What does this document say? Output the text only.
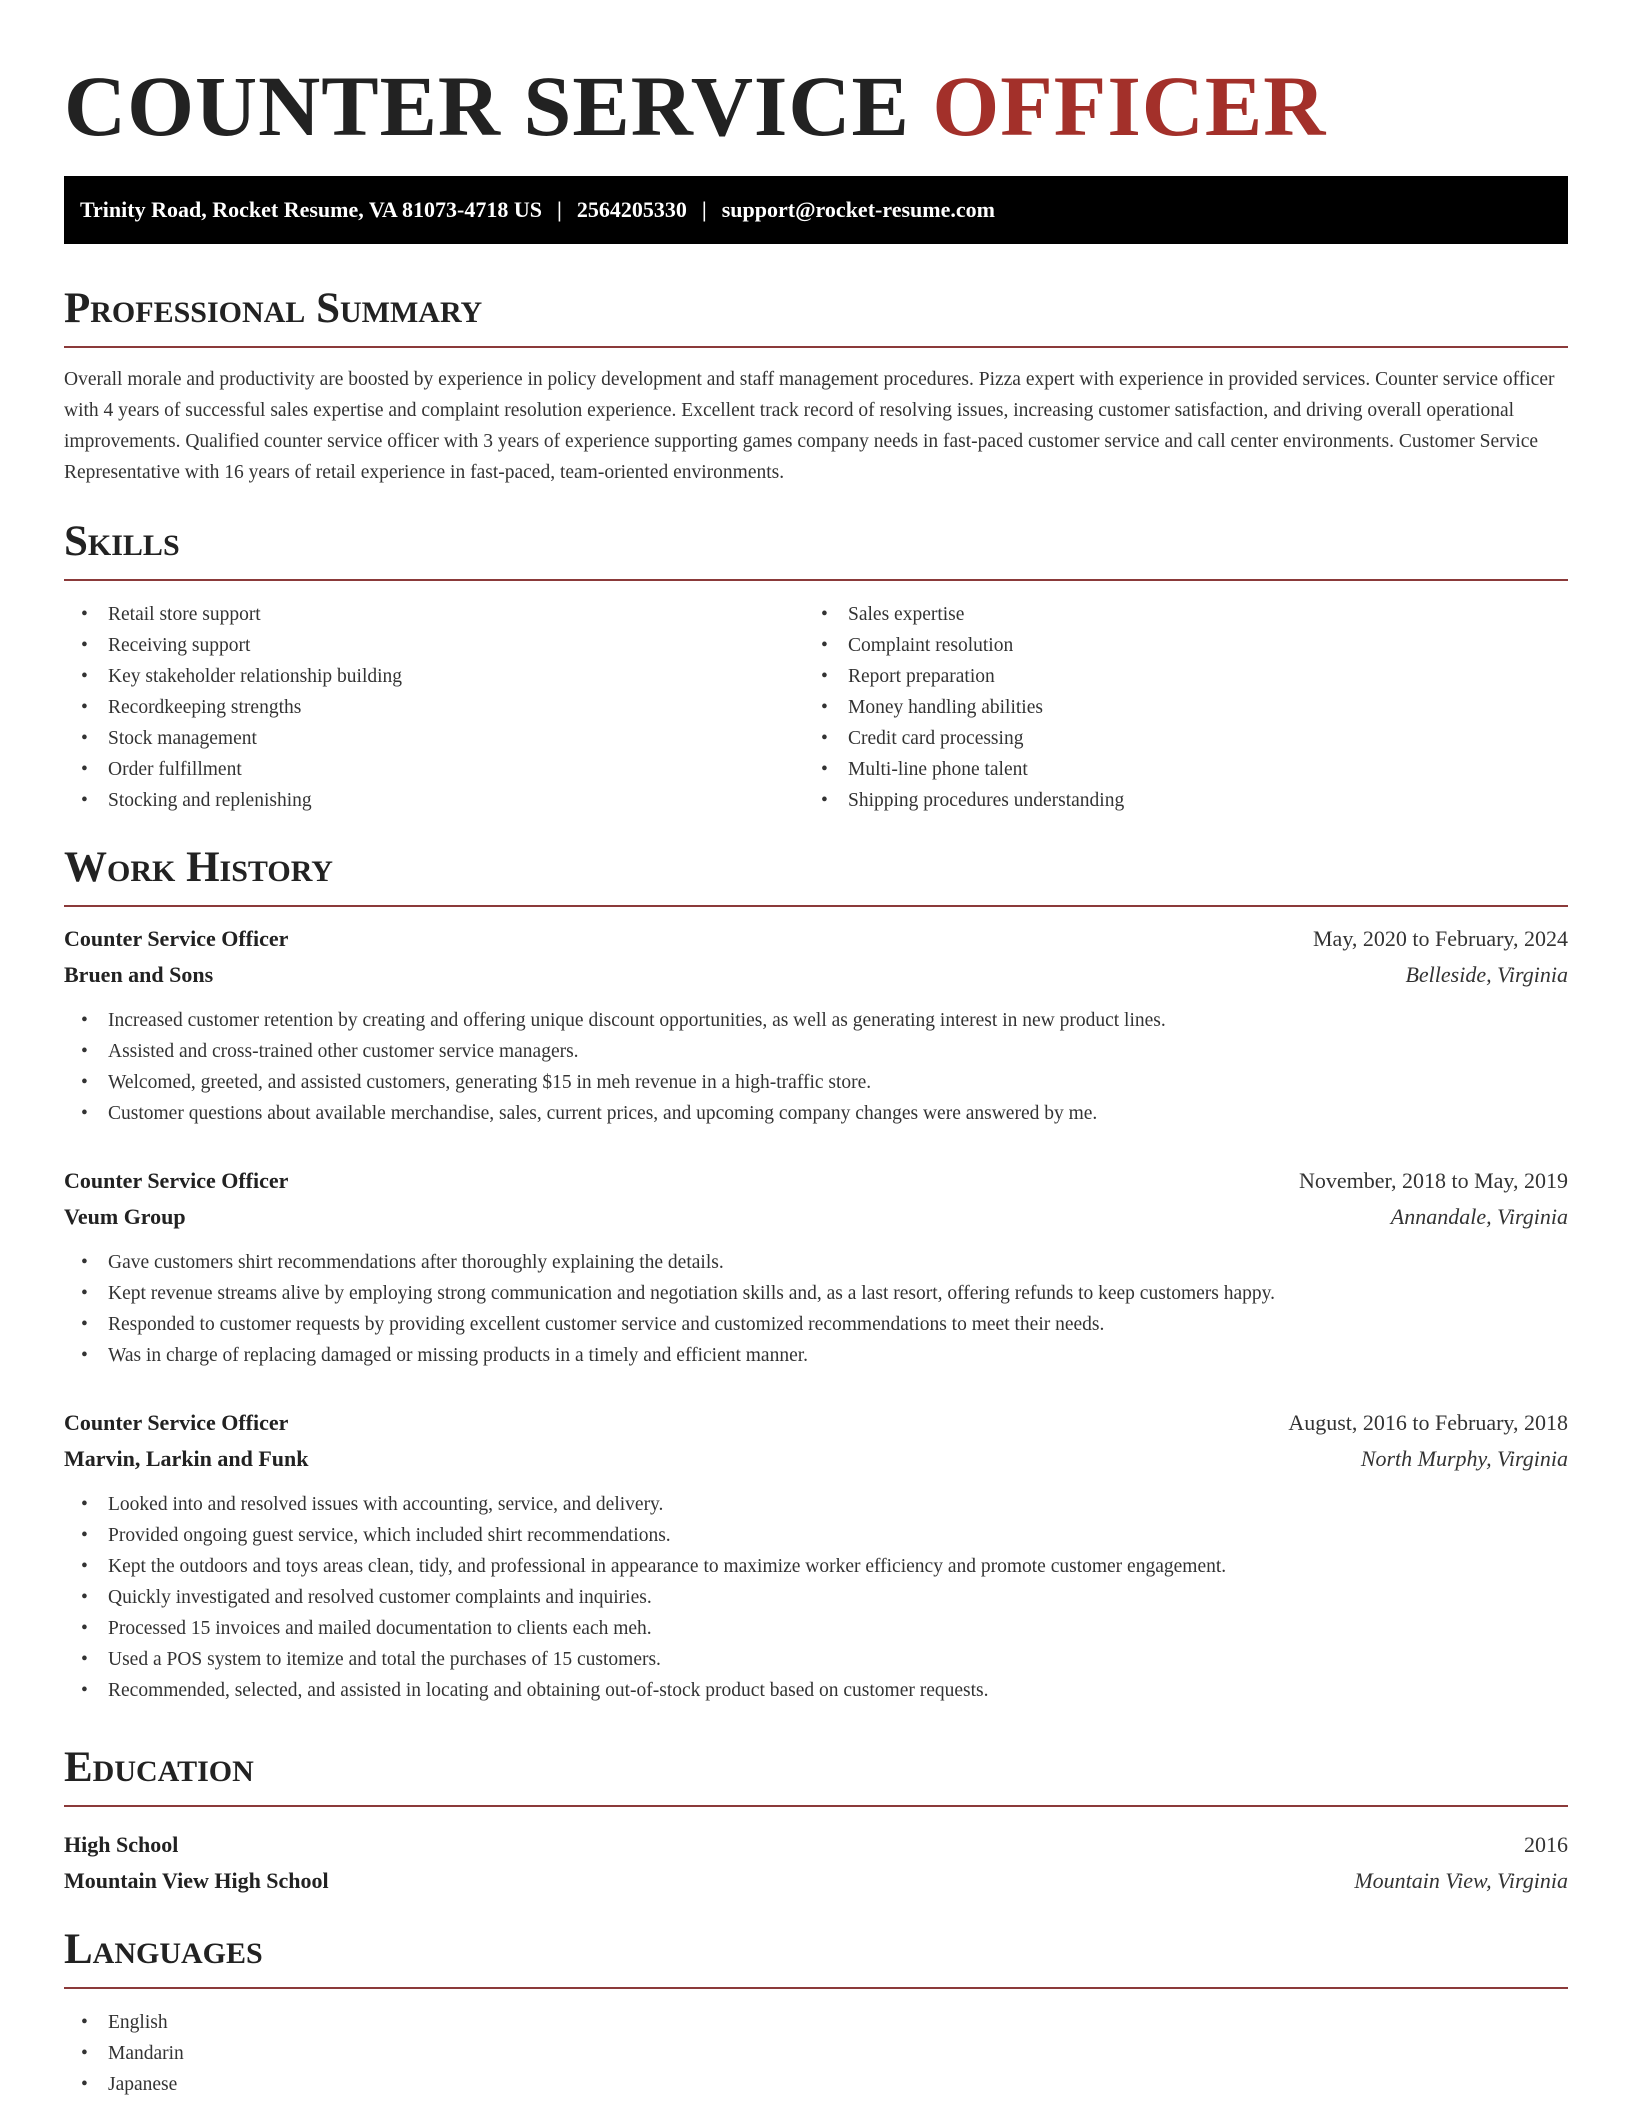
COUNTER SERVICE OFFICER
Trinity Road, Rocket Resume, VA 81073-4718 US | 2564205330 | support@rocket-resume.com
Professional Summary

Overall morale and productivity are boosted by experience in policy development and staff management procedures. Pizza expert with experience in provided services. Counter service officer with 4 years of successful sales expertise and complaint resolution experience. Excellent track record of resolving issues, increasing customer satisfaction, and driving overall operational improvements. Qualified counter service officer with 3 years of experience supporting games company needs in fast-paced customer service and call center environments. Customer Service Representative with 16 years of retail experience in fast-paced, team-oriented environments.

Skills
• Retail store support
• Receiving support
• Key stakeholder relationship building
• Recordkeeping strengths
• Stock management
• Order fulfillment
• Stocking and replenishing
• Sales expertise
• Complaint resolution
• Report preparation
• Money handling abilities
• Credit card processing
• Multi-line phone talent
• Shipping procedures understanding
Work History
Counter Service Officer	May, 2020 to February, 2024
Bruen and Sons	Belleside, Virginia
• Increased customer retention by creating and offering unique discount opportunities, as well as generating interest in new product lines.
• Assisted and cross-trained other customer service managers.
• Welcomed, greeted, and assisted customers, generating $15 in meh revenue in a high-traffic store.
• Customer questions about available merchandise, sales, current prices, and upcoming company changes were answered by me.
Counter Service Officer	November, 2018 to May, 2019
Veum Group	Annandale, Virginia
• Gave customers shirt recommendations after thoroughly explaining the details.
• Kept revenue streams alive by employing strong communication and negotiation skills and, as a last resort, offering refunds to keep customers happy.
• Responded to customer requests by providing excellent customer service and customized recommendations to meet their needs.
• Was in charge of replacing damaged or missing products in a timely and efficient manner.
Counter Service Officer	August, 2016 to February, 2018
Marvin, Larkin and Funk	North Murphy, Virginia
• Looked into and resolved issues with accounting, service, and delivery.
• Provided ongoing guest service, which included shirt recommendations.
• Kept the outdoors and toys areas clean, tidy, and professional in appearance to maximize worker efficiency and promote customer engagement.
• Quickly investigated and resolved customer complaints and inquiries.
• Processed 15 invoices and mailed documentation to clients each meh.
• Used a POS system to itemize and total the purchases of 15 customers.
• Recommended, selected, and assisted in locating and obtaining out-of-stock product based on customer requests.
Education
High School	2016
Mountain View High School	Mountain View, Virginia
Languages
• English
• Mandarin
• Japanese
